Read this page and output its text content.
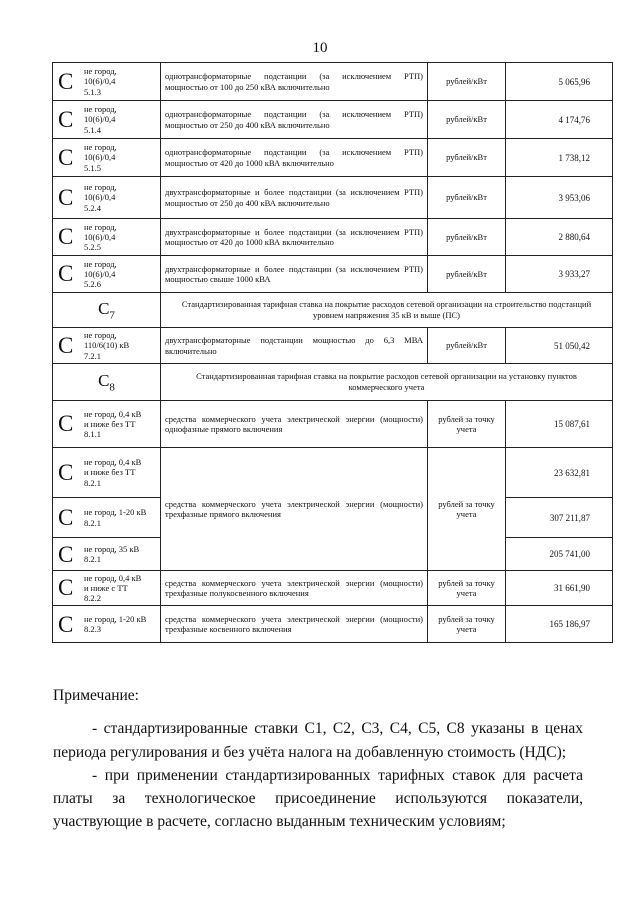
10
С не город,
10(6)/0,4
5.1.3	однотрансформаторные подстанции (за исключением РТП) мощностью от 100 до 250 кВА включительно	рублей/кВт	5 065,96

С не город,
10(6)/0,4
5.1.4	однотрансформаторные подстанции (за исключением РТП) мощностью от 250 до 400 кВА включительно	рублей/кВт	4 174,76

С не город,
10(6)/0,4
5.1.5	однотрансформаторные подстанции (за исключением РТП) мощностью от 420 до 1000 кВА включительно	рублей/кВт	1 738,12

С не город,
10(6)/0,4
5.2.4	двухтрансформаторные и более подстанции (за исключением РТП) мощностью от 250 до 400 кВА включительно	рублей/кВт	3 953,06

С не город,
10(6)/0,4
5.2.5	двухтрансформаторные и более подстанции (за исключением РТП) мощностью от 420 до 1000 кВА включительно	рублей/кВт	2 880,64

С не город,
10(6)/0,4
5.2.6	двухтрансформаторные и более подстанции (за исключением РТП) мощностью свыше 1000 кВА	рублей/кВт	3 933,27
$С_7$	Стандартизированная тарифная ставка на покрытие расходов сетевой организации на строительство подстанций уровнем напряжения 35 кВ и выше (ПС)		

С не город,
110/6(10) кВ
7.2.1	двухтрансформаторные подстанции мощностью до 6,3 МВА включительно	рублей/кВт	51 050,42
$С_8$	Стандартизированная тарифная ставка на покрытие расходов сетевой организации на установку пунктов коммерческого учета		

С не город, 0,4 кВ
и ниже без ТТ
8.1.1	средства коммерческого учета электрической энергии (мощности) однофазные прямого включения	рублей за точку учета	15 087,61

С не город, 0,4 кВ
и ниже без ТТ
8.2.1	средства коммерческого учета электрической энергии (мощности) трехфазные прямого включения	рублей за точку учета	23 632,81

С не город, 1-20 кВ
8.2.1			307 211,87

С не город, 35 кВ
8.2.1			205 741,00

С не город, 0,4 кВ
и ниже с ТТ
8.2.2	средства коммерческого учета электрической энергии (мощности) трехфазные полукосвенного включения	рублей за точку учета	31 661,90

С не город, 1-20 кВ
8.2.3	средства коммерческого учета электрической энергии (мощности) трехфазные косвенного включения	рублей за точку учета	165 186,97

Примечание:

- стандартизированные ставки С1, С2, С3, С4, С5, С8 указаны в ценах периода регулирования и без учёта налога на добавленную стоимость (НДС);

- при применении стандартизированных тарифных ставок для расчета платы за технологическое присоединение используются показатели, участвующие в расчете, согласно выданным техническим условиям;
